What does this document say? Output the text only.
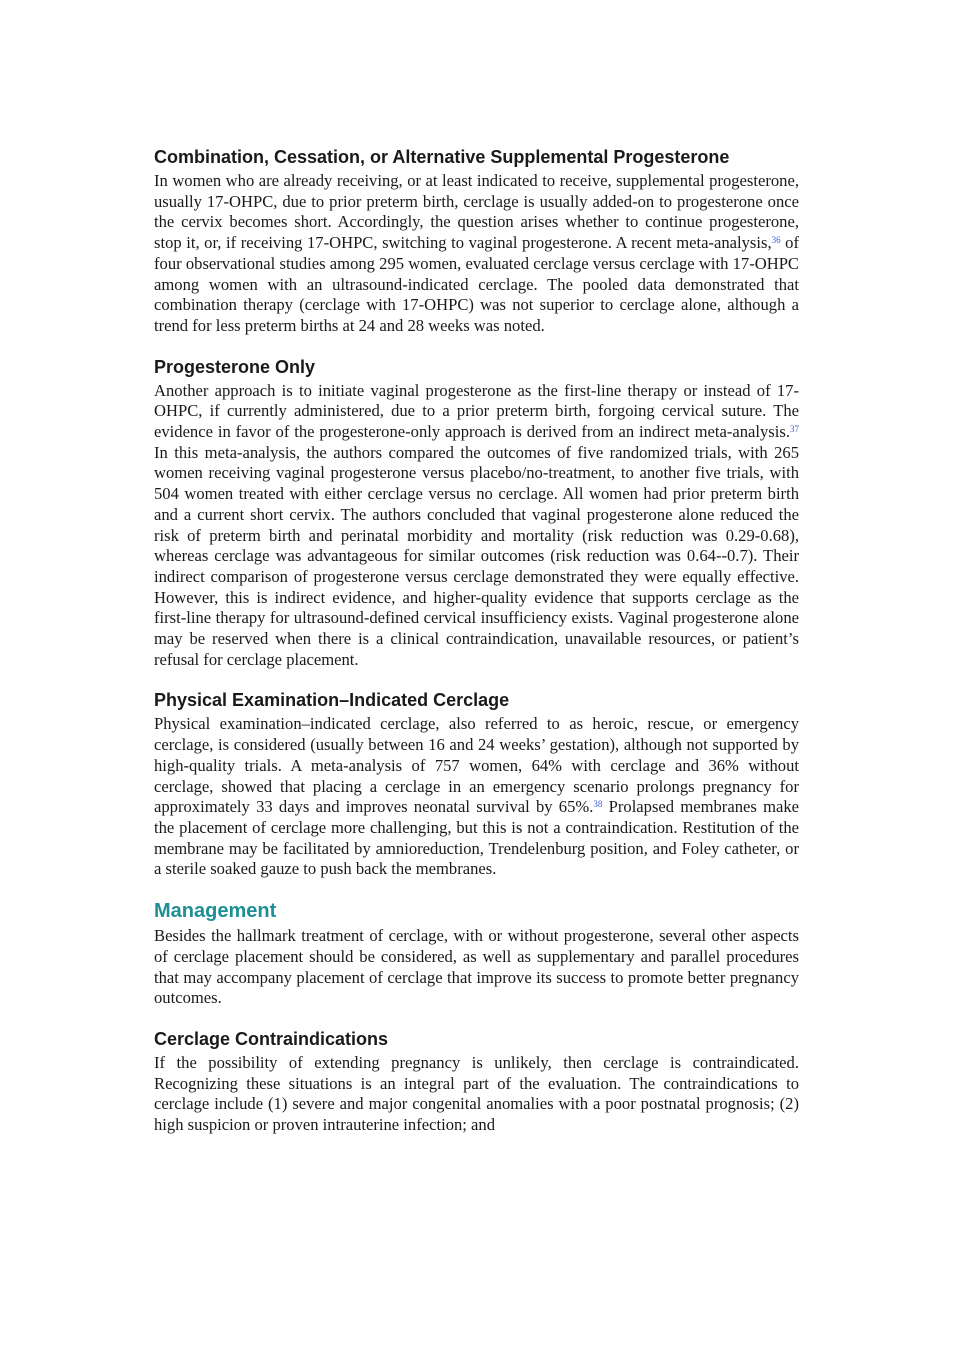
Combination, Cessation, or Alternative Supplemental Progesterone

In women who are already receiving, or at least indicated to receive, supplemental progesterone, usually 17-OHPC, due to prior preterm birth, cerclage is usually added-on to progesterone once the cervix becomes short. Accordingly, the question arises whether to continue progesterone, stop it, or, if receiving 17-OHPC, switching to vaginal progesterone. A recent meta-analysis,$^{36}$ of four observational studies among 295 women, evaluated cerclage versus cerclage with 17-OHPC among women with an ultrasound-indicated cerclage. The pooled data demonstrated that combination therapy (cerclage with 17-OHPC) was not superior to cerclage alone, although a trend for less preterm births at 24 and 28 weeks was noted.

Progesterone Only

Another approach is to initiate vaginal progesterone as the first-line therapy or instead of 17-OHPC, if currently administered, due to a prior preterm birth, forgoing cervical suture. The evidence in favor of the progesterone-only approach is derived from an indirect meta-analysis.$^{37}$ In this meta-analysis, the authors compared the outcomes of five randomized trials, with 265 women receiving vaginal progesterone versus placebo/no-treatment, to another five trials, with 504 women treated with either cerclage versus no cerclage. All women had prior preterm birth and a current short cervix. The authors concluded that vaginal progesterone alone reduced the risk of preterm birth and perinatal morbidity and mortality (risk reduction was 0.29-0.68), whereas cerclage was advantageous for similar outcomes (risk reduction was 0.64--0.7). Their indirect comparison of progesterone versus cerclage demonstrated they were equally effective. However, this is indirect evidence, and higher-quality evidence that supports cerclage as the first-line therapy for ultrasound-defined cervical insufficiency exists. Vaginal progesterone alone may be reserved when there is a clinical contraindication, unavailable resources, or patient’s refusal for cerclage placement.

Physical Examination–Indicated Cerclage

Physical examination–indicated cerclage, also referred to as heroic, rescue, or emergency cerclage, is considered (usually between 16 and 24 weeks’ gestation), although not supported by high-quality trials. A meta-analysis of 757 women, 64% with cerclage and 36% without cerclage, showed that placing a cerclage in an emergency scenario prolongs pregnancy for approximately 33 days and improves neonatal survival by 65%.$^{38}$ Prolapsed membranes make the placement of cerclage more challenging, but this is not a contraindication. Restitution of the membrane may be facilitated by amnioreduction, Trendelenburg position, and Foley catheter, or a sterile soaked gauze to push back the membranes.

Management

Besides the hallmark treatment of cerclage, with or without progesterone, several other aspects of cerclage placement should be considered, as well as supplementary and parallel procedures that may accompany placement of cerclage that improve its success to promote better pregnancy outcomes.

Cerclage Contraindications

If the possibility of extending pregnancy is unlikely, then cerclage is contraindicated. Recognizing these situations is an integral part of the evaluation. The contraindications to cerclage include (1) severe and major congenital anomalies with a poor postnatal prognosis; (2) high suspicion or proven intrauterine infection; and
